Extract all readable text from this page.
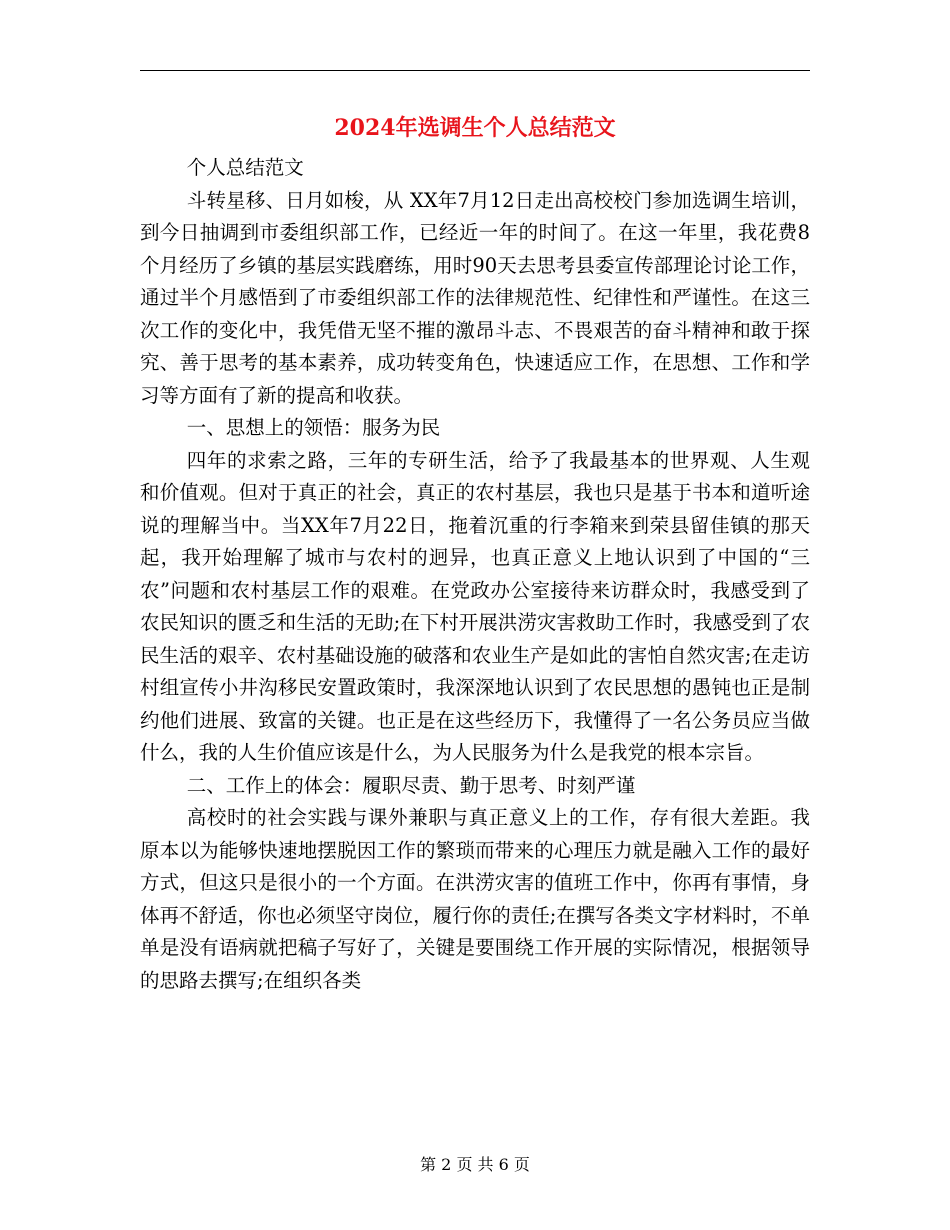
2024年选调生个人总结范文

个人总结范文

斗转星移、日月如梭，从 XX年7月12日走出高校校门参加选调生培训，到今日抽调到市委组织部工作，已经近一年的时间了。在这一年里，我花费8个月经历了乡镇的基层实践磨练，用时90天去思考县委宣传部理论讨论工作，通过半个月感悟到了市委组织部工作的法律规范性、纪律性和严谨性。在这三次工作的变化中，我凭借无坚不摧的激昂斗志、不畏艰苦的奋斗精神和敢于探究、善于思考的基本素养，成功转变角色，快速适应工作，在思想、工作和学习等方面有了新的提高和收获。

一、思想上的领悟：服务为民

四年的求索之路，三年的专研生活，给予了我最基本的世界观、人生观和价值观。但对于真正的社会，真正的农村基层，我也只是基于书本和道听途说的理解当中。当XX年7月22日，拖着沉重的行李箱来到荣县留佳镇的那天起，我开始理解了城市与农村的迥异，也真正意义上地认识到了中国的“三农”问题和农村基层工作的艰难。在党政办公室接待来访群众时，我感受到了农民知识的匮乏和生活的无助;在下村开展洪涝灾害救助工作时，我感受到了农民生活的艰辛、农村基础设施的破落和农业生产是如此的害怕自然灾害;在走访村组宣传小井沟移民安置政策时，我深深地认识到了农民思想的愚钝也正是制约他们进展、致富的关键。也正是在这些经历下，我懂得了一名公务员应当做什么，我的人生价值应该是什么，为人民服务为什么是我党的根本宗旨。

二、工作上的体会：履职尽责、勤于思考、时刻严谨

高校时的社会实践与课外兼职与真正意义上的工作，存有很大差距。我原本以为能够快速地摆脱因工作的繁琐而带来的心理压力就是融入工作的最好方式，但这只是很小的一个方面。在洪涝灾害的值班工作中，你再有事情，身体再不舒适，你也必须坚守岗位，履行你的责任;在撰写各类文字材料时，不单单是没有语病就把稿子写好了，关键是要围绕工作开展的实际情况，根据领导的思路去撰写;在组织各类

第 2 页 共 6 页
